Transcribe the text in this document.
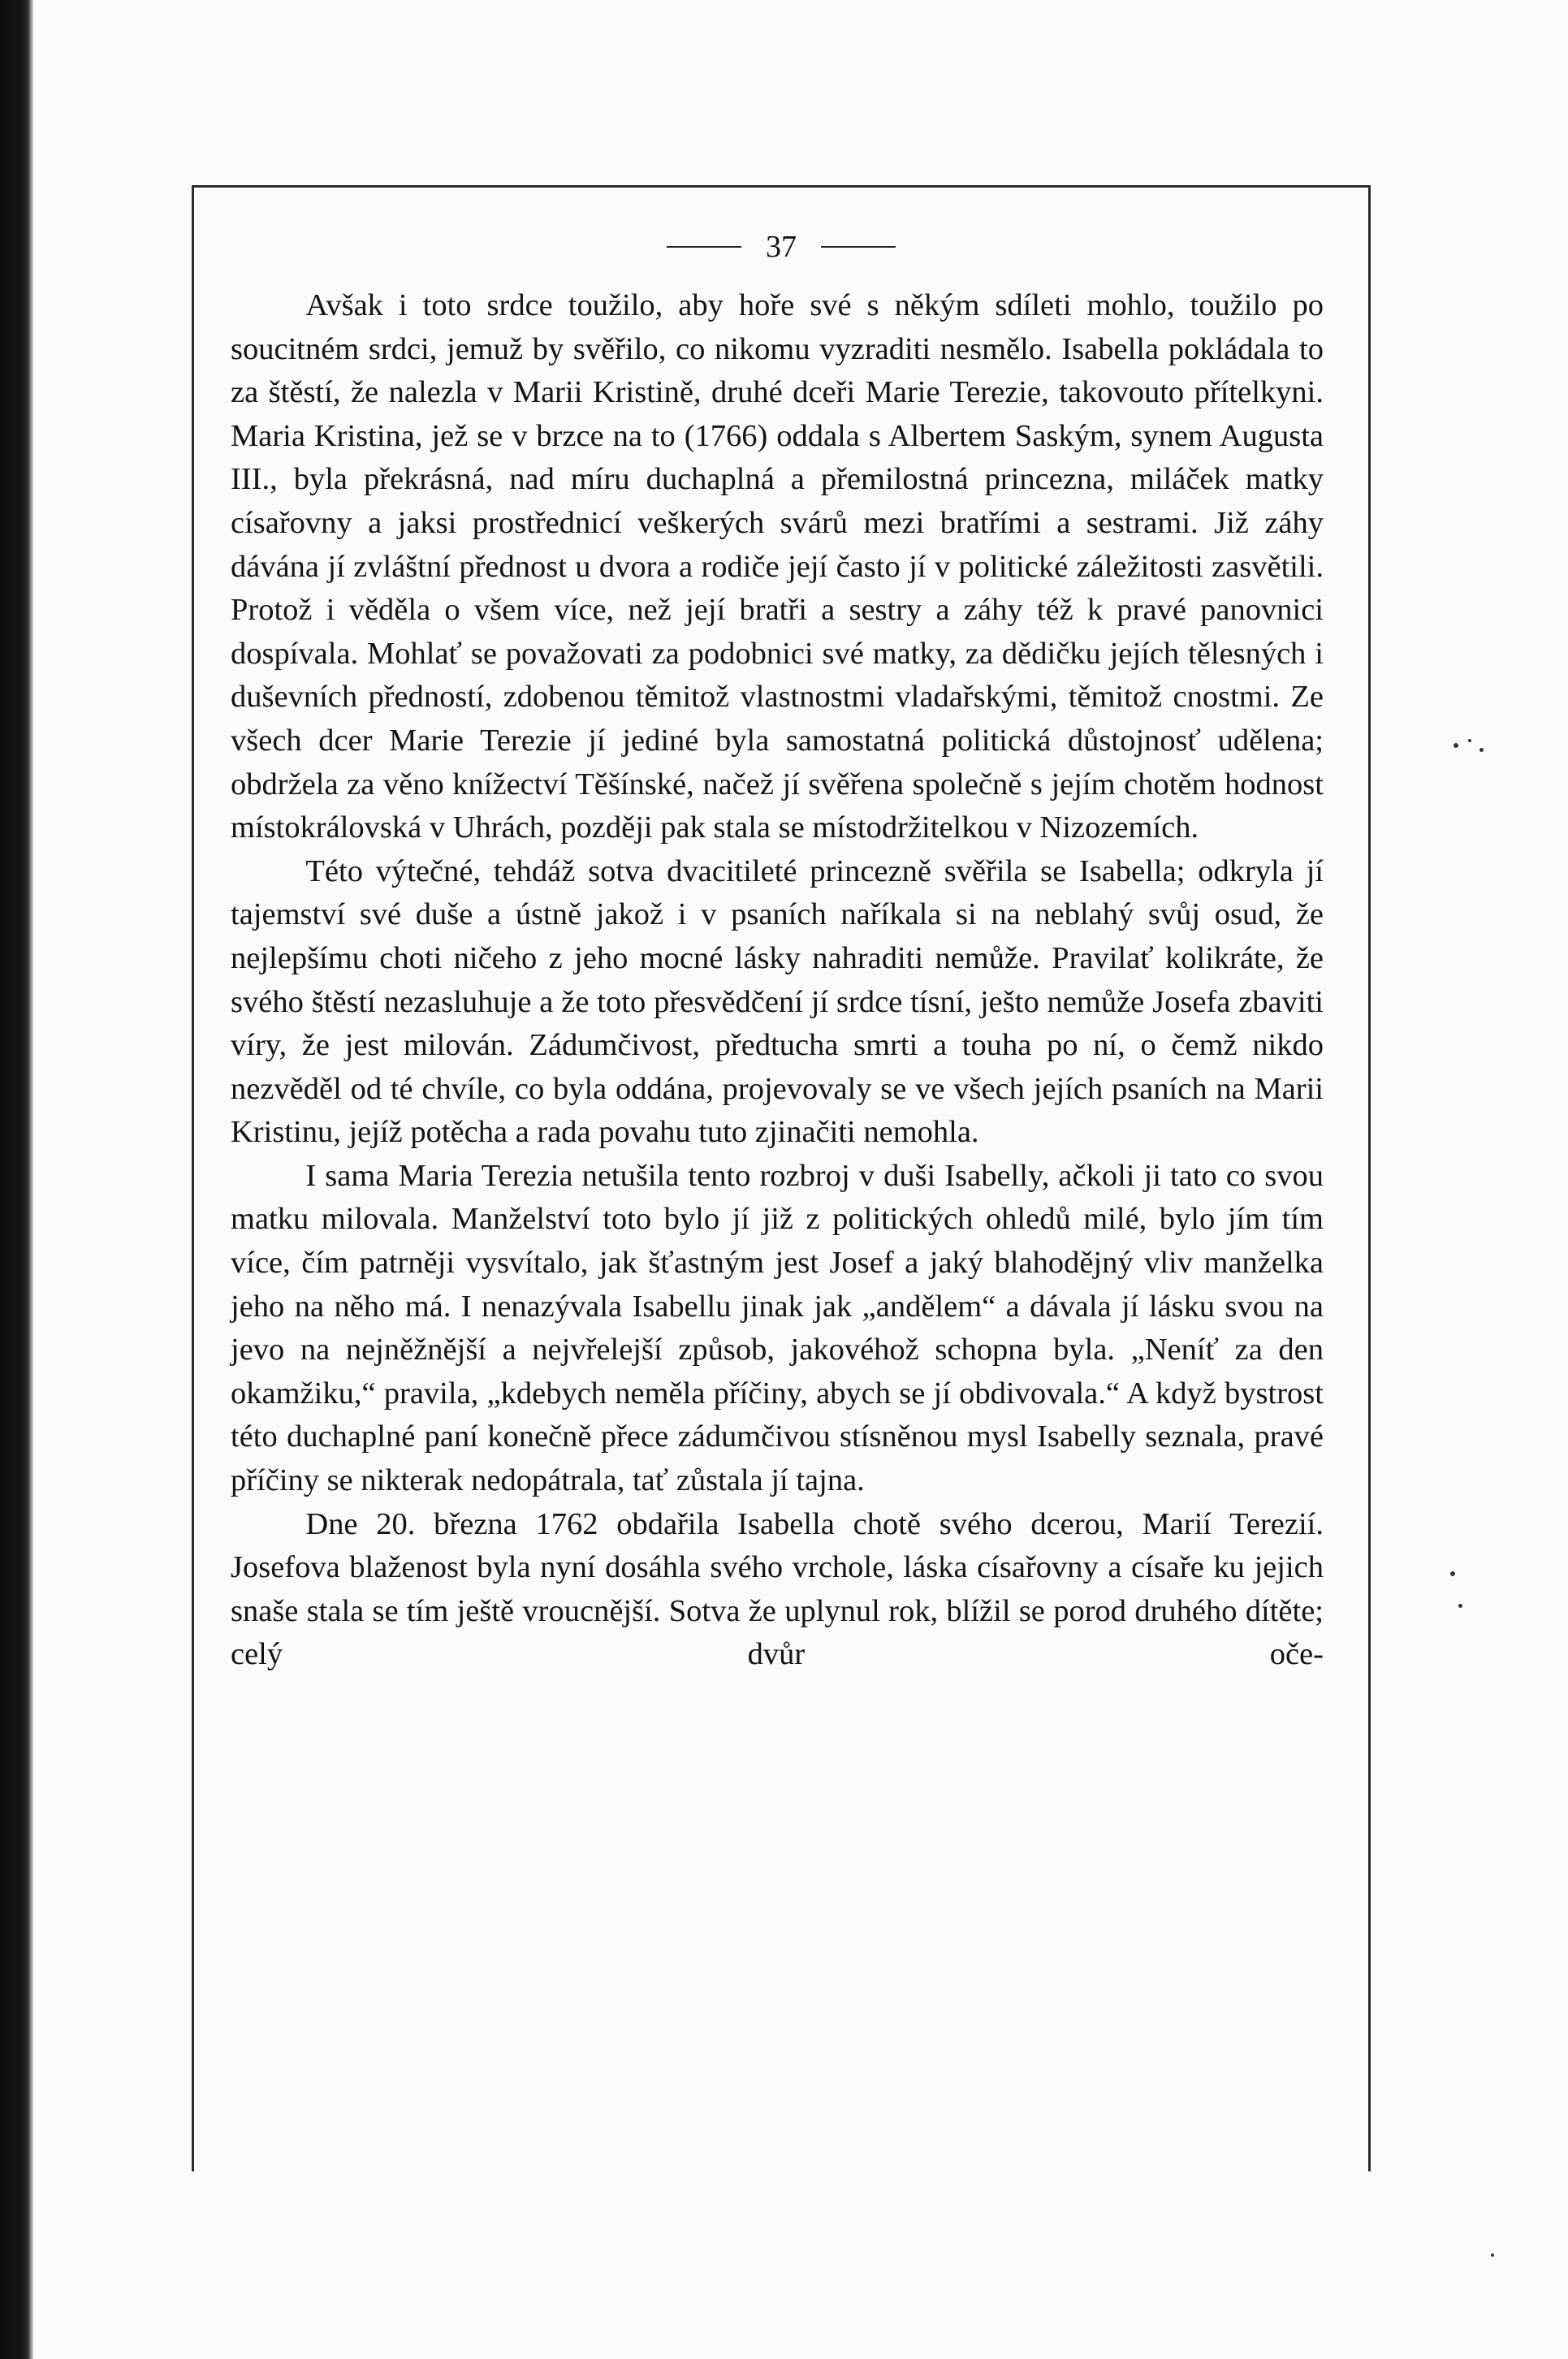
37

Avšak i toto srdce toužilo, aby hoře své s někým sdíleti mohlo, toužilo po soucitném srdci, jemuž by svěřilo, co nikomu vyzraditi nesmělo. Isabella pokládala to za štěstí, že nalezla v Marii Kristině, druhé dceři Marie Terezie, takovouto přítelkyni. Maria Kristina, jež se v brzce na to (1766) oddala s Albertem Saským, synem Augusta III., byla překrásná, nad míru duchaplná a přemilostná princezna, miláček matky císařovny a jaksi prostřednicí veškerých svárů mezi bratřími a sestrami. Již záhy dávána jí zvláštní přednost u dvora a rodiče její často jí v politické záležitosti zasvětili. Protož i věděla o všem více, než její bratři a sestry a záhy též k pravé panovnici dospívala. Mohlať se považovati za podobnici své matky, za dědičku jejích tělesných i duševních předností, zdobenou těmitož vlastnostmi vladařskými, těmitož cnostmi. Ze všech dcer Marie Terezie jí jediné byla samostatná politická důstojnosť udělena; obdržela za věno knížectví Těšínské, načež jí svěřena společně s jejím chotěm hodnost místokrálovská v Uhrách, později pak stala se místodržitelkou v Nizozemích.

Této výtečné, tehdáž sotva dvacitileté princezně svěřila se Isabella; odkryla jí tajemství své duše a ústně jakož i v psaních naříkala si na neblahý svůj osud, že nejlepšímu choti ničeho z jeho mocné lásky nahraditi nemůže. Pravilať kolikráte, že svého štěstí nezasluhuje a že toto přesvědčení jí srdce tísní, ješto nemůže Josefa zbaviti víry, že jest milován. Zádumčivost, předtucha smrti a touha po ní, o čemž nikdo nezvěděl od té chvíle, co byla oddána, projevovaly se ve všech jejích psaních na Marii Kristinu, jejíž potěcha a rada povahu tuto zjinačiti nemohla.

I sama Maria Terezia netušila tento rozbroj v duši Isabelly, ačkoli ji tato co svou matku milovala. Manželství toto bylo jí již z politických ohledů milé, bylo jím tím více, čím patrněji vysvítalo, jak šťastným jest Josef a jaký blahodějný vliv manželka jeho na něho má. I nenazývala Isabellu jinak jak „andělem“ a dávala jí lásku svou na jevo na nejněžnější a nejvřelejší způsob, jakovéhož schopna byla. „Neníť za den okamžiku,“ pravila, „kdebych neměla příčiny, abych se jí obdivovala.“ A když bystrost této duchaplné paní konečně přece zádumčivou stísněnou mysl Isabelly seznala, pravé příčiny se nikterak nedopátrala, tať zůstala jí tajna.

Dne 20. března 1762 obdařila Isabella chotě svého dcerou, Marií Terezií. Josefova blaženost byla nyní dosáhla svého vrchole, láska císařovny a císaře ku jejich snaše stala se tím ještě vroucnější. Sotva že uplynul rok, blížil se porod druhého dítěte; celý dvůr oče-
